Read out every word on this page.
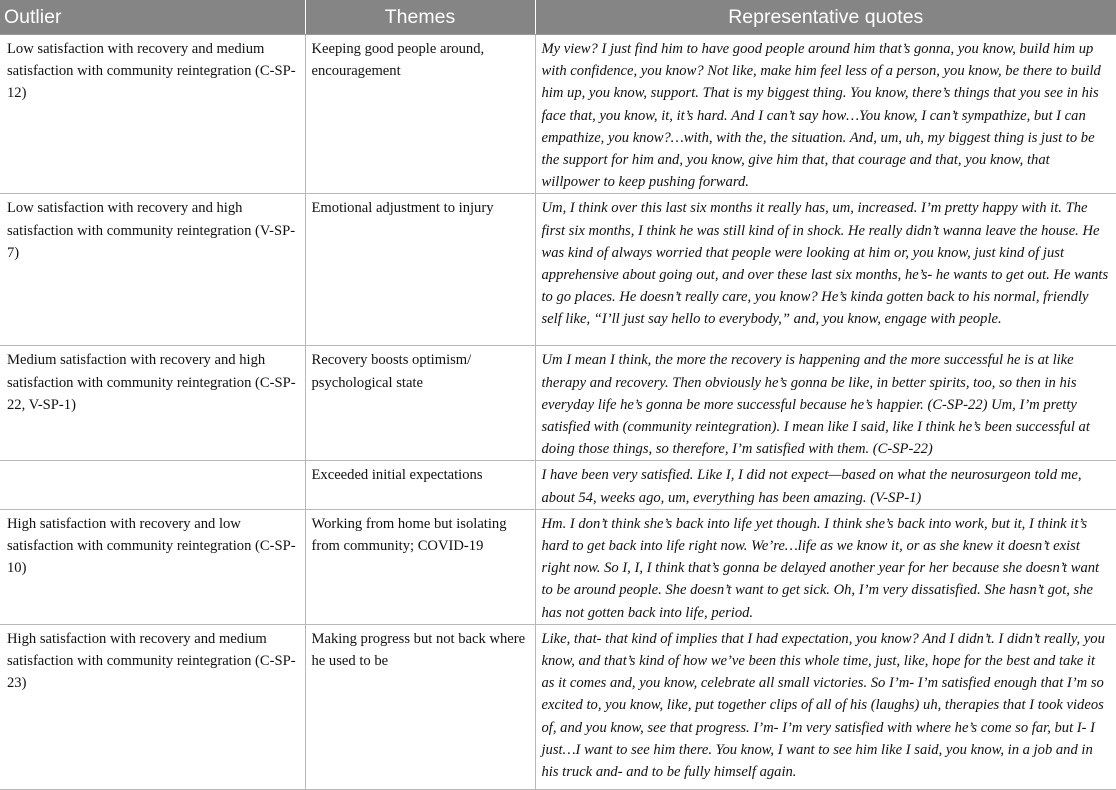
Outlier	Themes	Representative quotes
Low satisfaction with recovery and medium satisfaction with community reintegration (C-SP-12)	Keeping good people around, encouragement	My view? I just find him to have good people around him that’s gonna, you know, build him up with confidence, you know? Not like, make him feel less of a person, you know, be there to build him up, you know, support. That is my biggest thing. You know, there’s things that you see in his face that, you know, it, it’s hard. And I can’t say how…You know, I can’t sympathize, but I can empathize, you know?…with, with the, the situation. And, um, uh, my biggest thing is just to be the support for him and, you know, give him that, that courage and that, you know, that willpower to keep pushing forward.
Low satisfaction with recovery and high satisfaction with community reintegration (V-SP-7)	Emotional adjustment to injury	Um, I think over this last six months it really has, um, increased. I’m pretty happy with it. The first six months, I think he was still kind of in shock. He really didn’t wanna leave the house. He was kind of always worried that people were looking at him or, you know, just kind of just apprehensive about going out, and over these last six months, he’s- he wants to get out. He wants to go places. He doesn’t really care, you know? He’s kinda gotten back to his normal, friendly self like, “I’ll just say hello to everybody,” and, you know, engage with people.
Medium satisfaction with recovery and high satisfaction with community reintegration (C-SP-22, V-SP-1)	Recovery boosts optimism/ psychological state	Um I mean I think, the more the recovery is happening and the more successful he is at like therapy and recovery. Then obviously he’s gonna be like, in better spirits, too, so then in his everyday life he’s gonna be more successful because he’s happier. (C-SP-22) Um, I’m pretty satisfied with (community reintegration). I mean like I said, like I think he’s been successful at doing those things, so therefore, I’m satisfied with them. (C-SP-22)
	Exceeded initial expectations	I have been very satisfied. Like I, I did not expect—based on what the neurosurgeon told me, about 54, weeks ago, um, everything has been amazing. (V-SP-1)
High satisfaction with recovery and low satisfaction with community reintegration (C-SP-10)	Working from home but isolating from community; COVID-19	Hm. I don’t think she’s back into life yet though. I think she’s back into work, but it, I think it’s hard to get back into life right now. We’re…life as we know it, or as she knew it doesn’t exist right now. So I, I, I think that’s gonna be delayed another year for her because she doesn’t want to be around people. She doesn’t want to get sick. Oh, I’m very dissatisfied. She hasn’t got, she has not gotten back into life, period.
High satisfaction with recovery and medium satisfaction with community reintegration (C-SP-23)	Making progress but not back where he used to be	Like, that- that kind of implies that I had expectation, you know? And I didn’t. I didn’t really, you know, and that’s kind of how we’ve been this whole time, just, like, hope for the best and take it as it comes and, you know, celebrate all small victories. So I’m- I’m satisfied enough that I’m so excited to, you know, like, put together clips of all of his (laughs) uh, therapies that I took videos of, and you know, see that progress. I’m- I’m very satisfied with where he’s come so far, but I- I just…I want to see him there. You know, I want to see him like I said, you know, in a job and in his truck and- and to be fully himself again.
